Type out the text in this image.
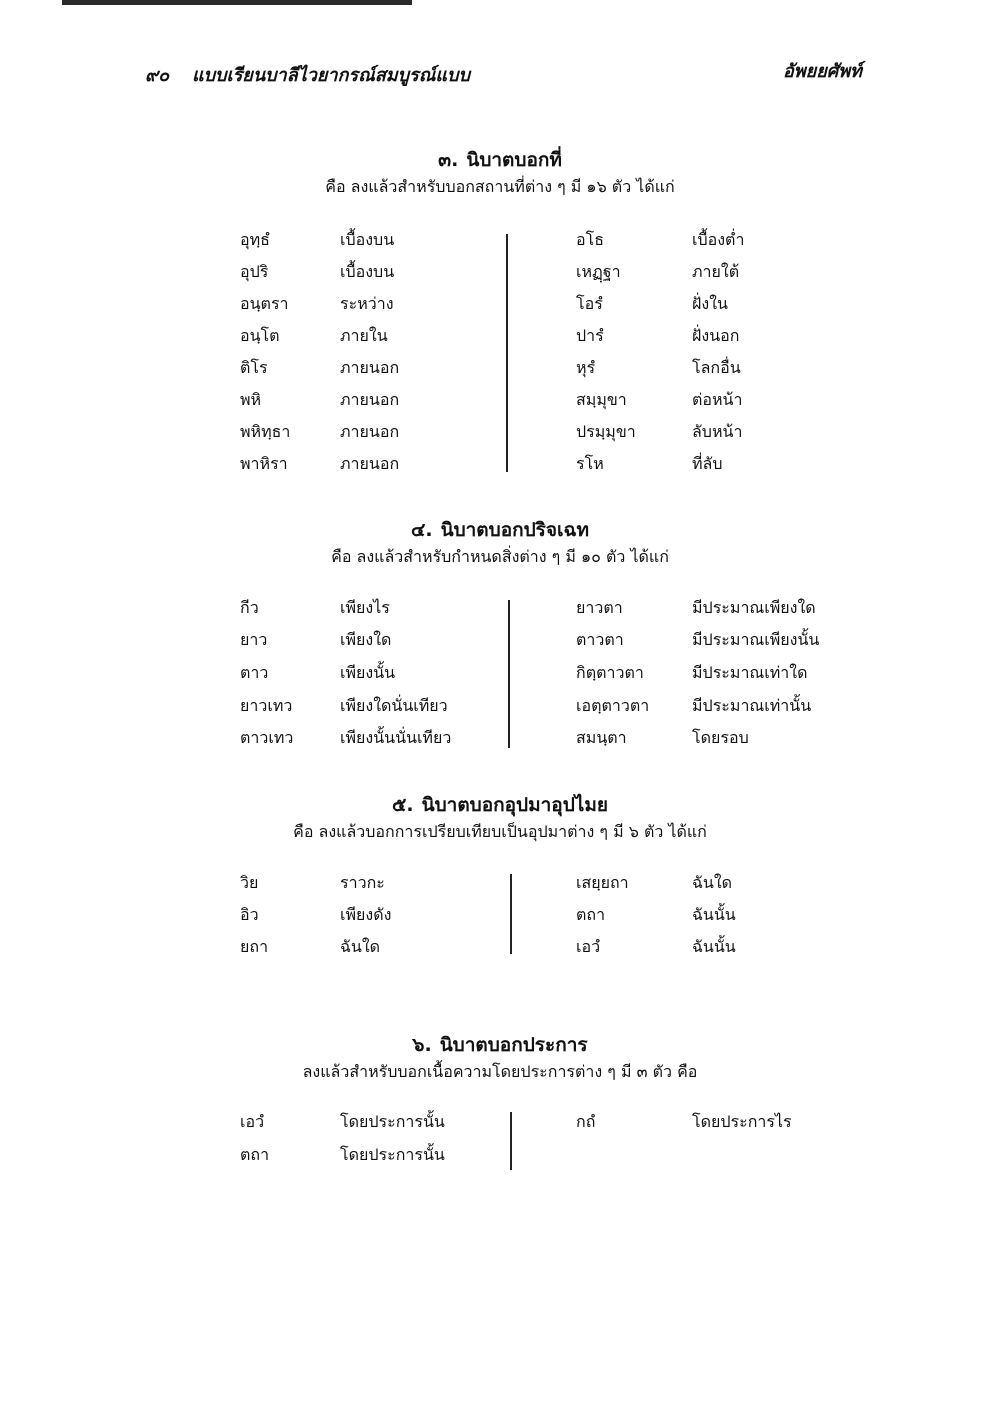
๙๐ แบบเรียนบาลีไวยากรณ์สมบูรณ์แบบ	อัพยยศัพท์
๓. นิบาตบอกที่
คือ ลงแล้วสำหรับบอกสถานที่ต่าง ๆ มี ๑๖ ตัว ได้แก่
อุทฺธํ	เบื้องบน	อโธ	เบื้องต่ำ
อุปริ	เบื้องบน	เหฏฺฐา	ภายใต้
อนฺตรา	ระหว่าง	โอรํ	ฝั่งใน
อนฺโต	ภายใน	ปารํ	ฝั่งนอก
ติโร	ภายนอก	หุรํ	โลกอื่น
พหิ	ภายนอก	สมฺมุขา	ต่อหน้า
พหิทฺธา	ภายนอก	ปรมฺมุขา	ลับหน้า
พาหิรา	ภายนอก	รโห	ที่ลับ
๔. นิบาตบอกปริจเฉท
คือ ลงแล้วสำหรับกำหนดสิ่งต่าง ๆ มี ๑๐ ตัว ได้แก่
กีว	เพียงไร	ยาวตา	มีประมาณเพียงใด
ยาว	เพียงใด	ตาวตา	มีประมาณเพียงนั้น
ตาว	เพียงนั้น	กิตฺตาวตา	มีประมาณเท่าใด
ยาวเทว	เพียงใดนั่นเทียว	เอตฺตาวตา	มีประมาณเท่านั้น
ตาวเทว	เพียงนั้นนั่นเทียว	สมนฺตา	โดยรอบ
๕. นิบาตบอกอุปมาอุปไมย
คือ ลงแล้วบอกการเปรียบเทียบเป็นอุปมาต่าง ๆ มี ๖ ตัว ได้แก่
วิย	ราวกะ	เสยฺยถา	ฉันใด
อิว	เพียงดัง	ตถา	ฉันนั้น
ยถา	ฉันใด	เอวํ	ฉันนั้น
๖. นิบาตบอกประการ
ลงแล้วสำหรับบอกเนื้อความโดยประการต่าง ๆ มี ๓ ตัว คือ
เอวํ	โดยประการนั้น	กถํ	โดยประการไร
ตถา	โดยประการนั้น
